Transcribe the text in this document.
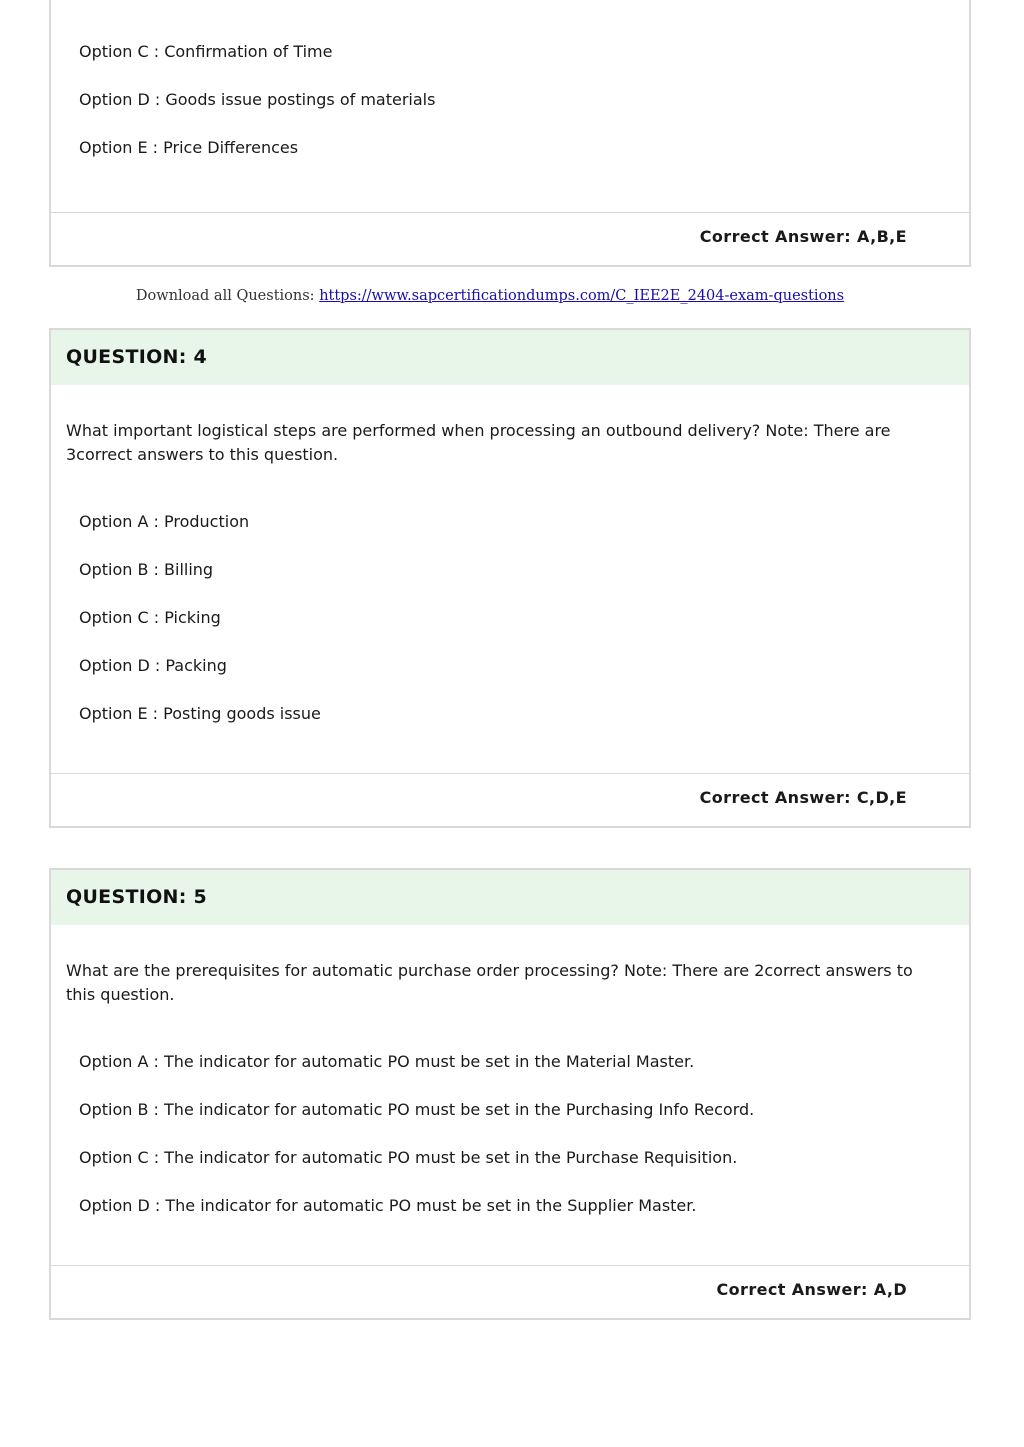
Option C : Confirmation of Time
Option D : Goods issue postings of materials
Option E : Price Differences
Correct Answer: A,B,E
Download all Questions: https://www.sapcertificationdumps.com/C_IEE2E_2404-exam-questions
QUESTION: 4
What important logistical steps are performed when processing an outbound delivery? Note: There are 3correct answers to this question.
Option A : Production
Option B : Billing
Option C : Picking
Option D : Packing
Option E : Posting goods issue
Correct Answer: C,D,E
QUESTION: 5
What are the prerequisites for automatic purchase order processing? Note: There are 2correct answers to this question.
Option A : The indicator for automatic PO must be set in the Material Master.
Option B : The indicator for automatic PO must be set in the Purchasing Info Record.
Option C : The indicator for automatic PO must be set in the Purchase Requisition.
Option D : The indicator for automatic PO must be set in the Supplier Master.
Correct Answer: A,D
